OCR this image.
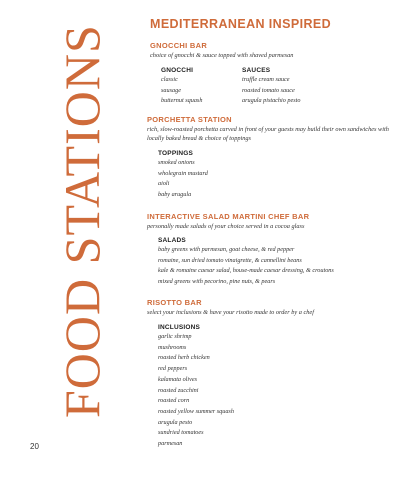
FOOD STATIONS
20
MEDITERRANEAN INSPIRED
GNOCCHI BAR
choice of gnocchi & sauce topped with shaved parmesan
GNOCCHI
classic
sausage
butternut squash
SAUCES
truffle cream sauce
roasted tomato sauce
arugula pistachio pesto
PORCHETTA STATION
rich, slow-roasted porchetta carved in front of your guests may build their own sandwiches with locally baked bread & choice of toppings
TOPPINGS
smoked onions
wholegrain mustard
aioli
baby arugula
INTERACTIVE SALAD MARTINI CHEF BAR
personally made salads of your choice served in a cocoa glass
SALADS
baby greens with parmesan, goat cheese, & red pepper
romaine, sun dried tomato vinaigrette, & cannellini beans
kale & romaine caesar salad, house-made caesar dressing, & croutons
mixed greens with pecorino, pine nuts, & pears
RISOTTO BAR
select your inclusions & have your risotto made to order by a chef
INCLUSIONS
garlic shrimp
mushrooms
roasted herb chicken
red peppers
kalamata olives
roasted zucchini
roasted corn
roasted yellow summer squash
arugula pesto
sundried tomatoes
parmesan
